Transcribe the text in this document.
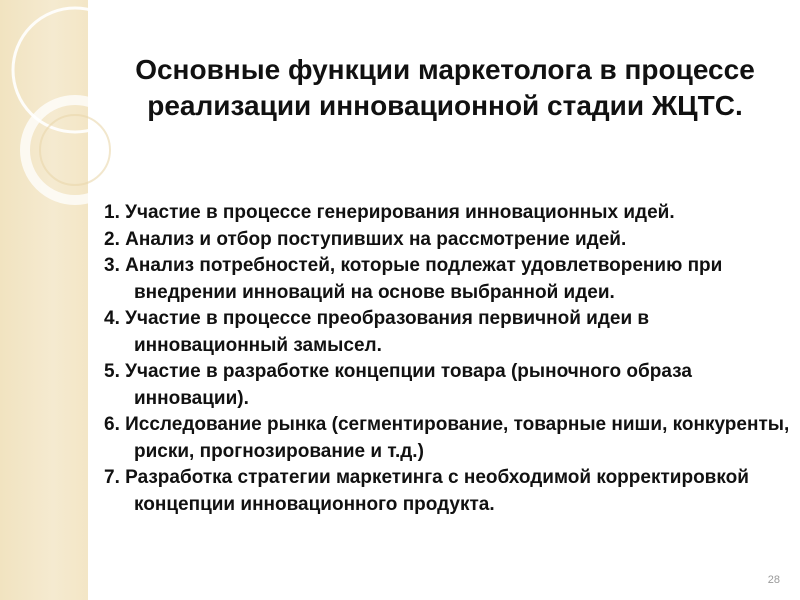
Основные функции маркетолога в процессе реализации инновационной стадии ЖЦТС.
1. Участие в процессе генерирования инновационных идей.
2. Анализ и отбор поступивших на рассмотрение идей.
3. Анализ потребностей, которые подлежат удовлетворению при внедрении инноваций на основе выбранной идеи.
4. Участие в процессе преобразования первичной идеи в инновационный замысел.
5. Участие в разработке концепции товара (рыночного образа инновации).
6. Исследование рынка (сегментирование, товарные ниши, конкуренты, риски, прогнозирование и т.д.)
7. Разработка стратегии маркетинга с необходимой корректировкой концепции инновационного продукта.
28
